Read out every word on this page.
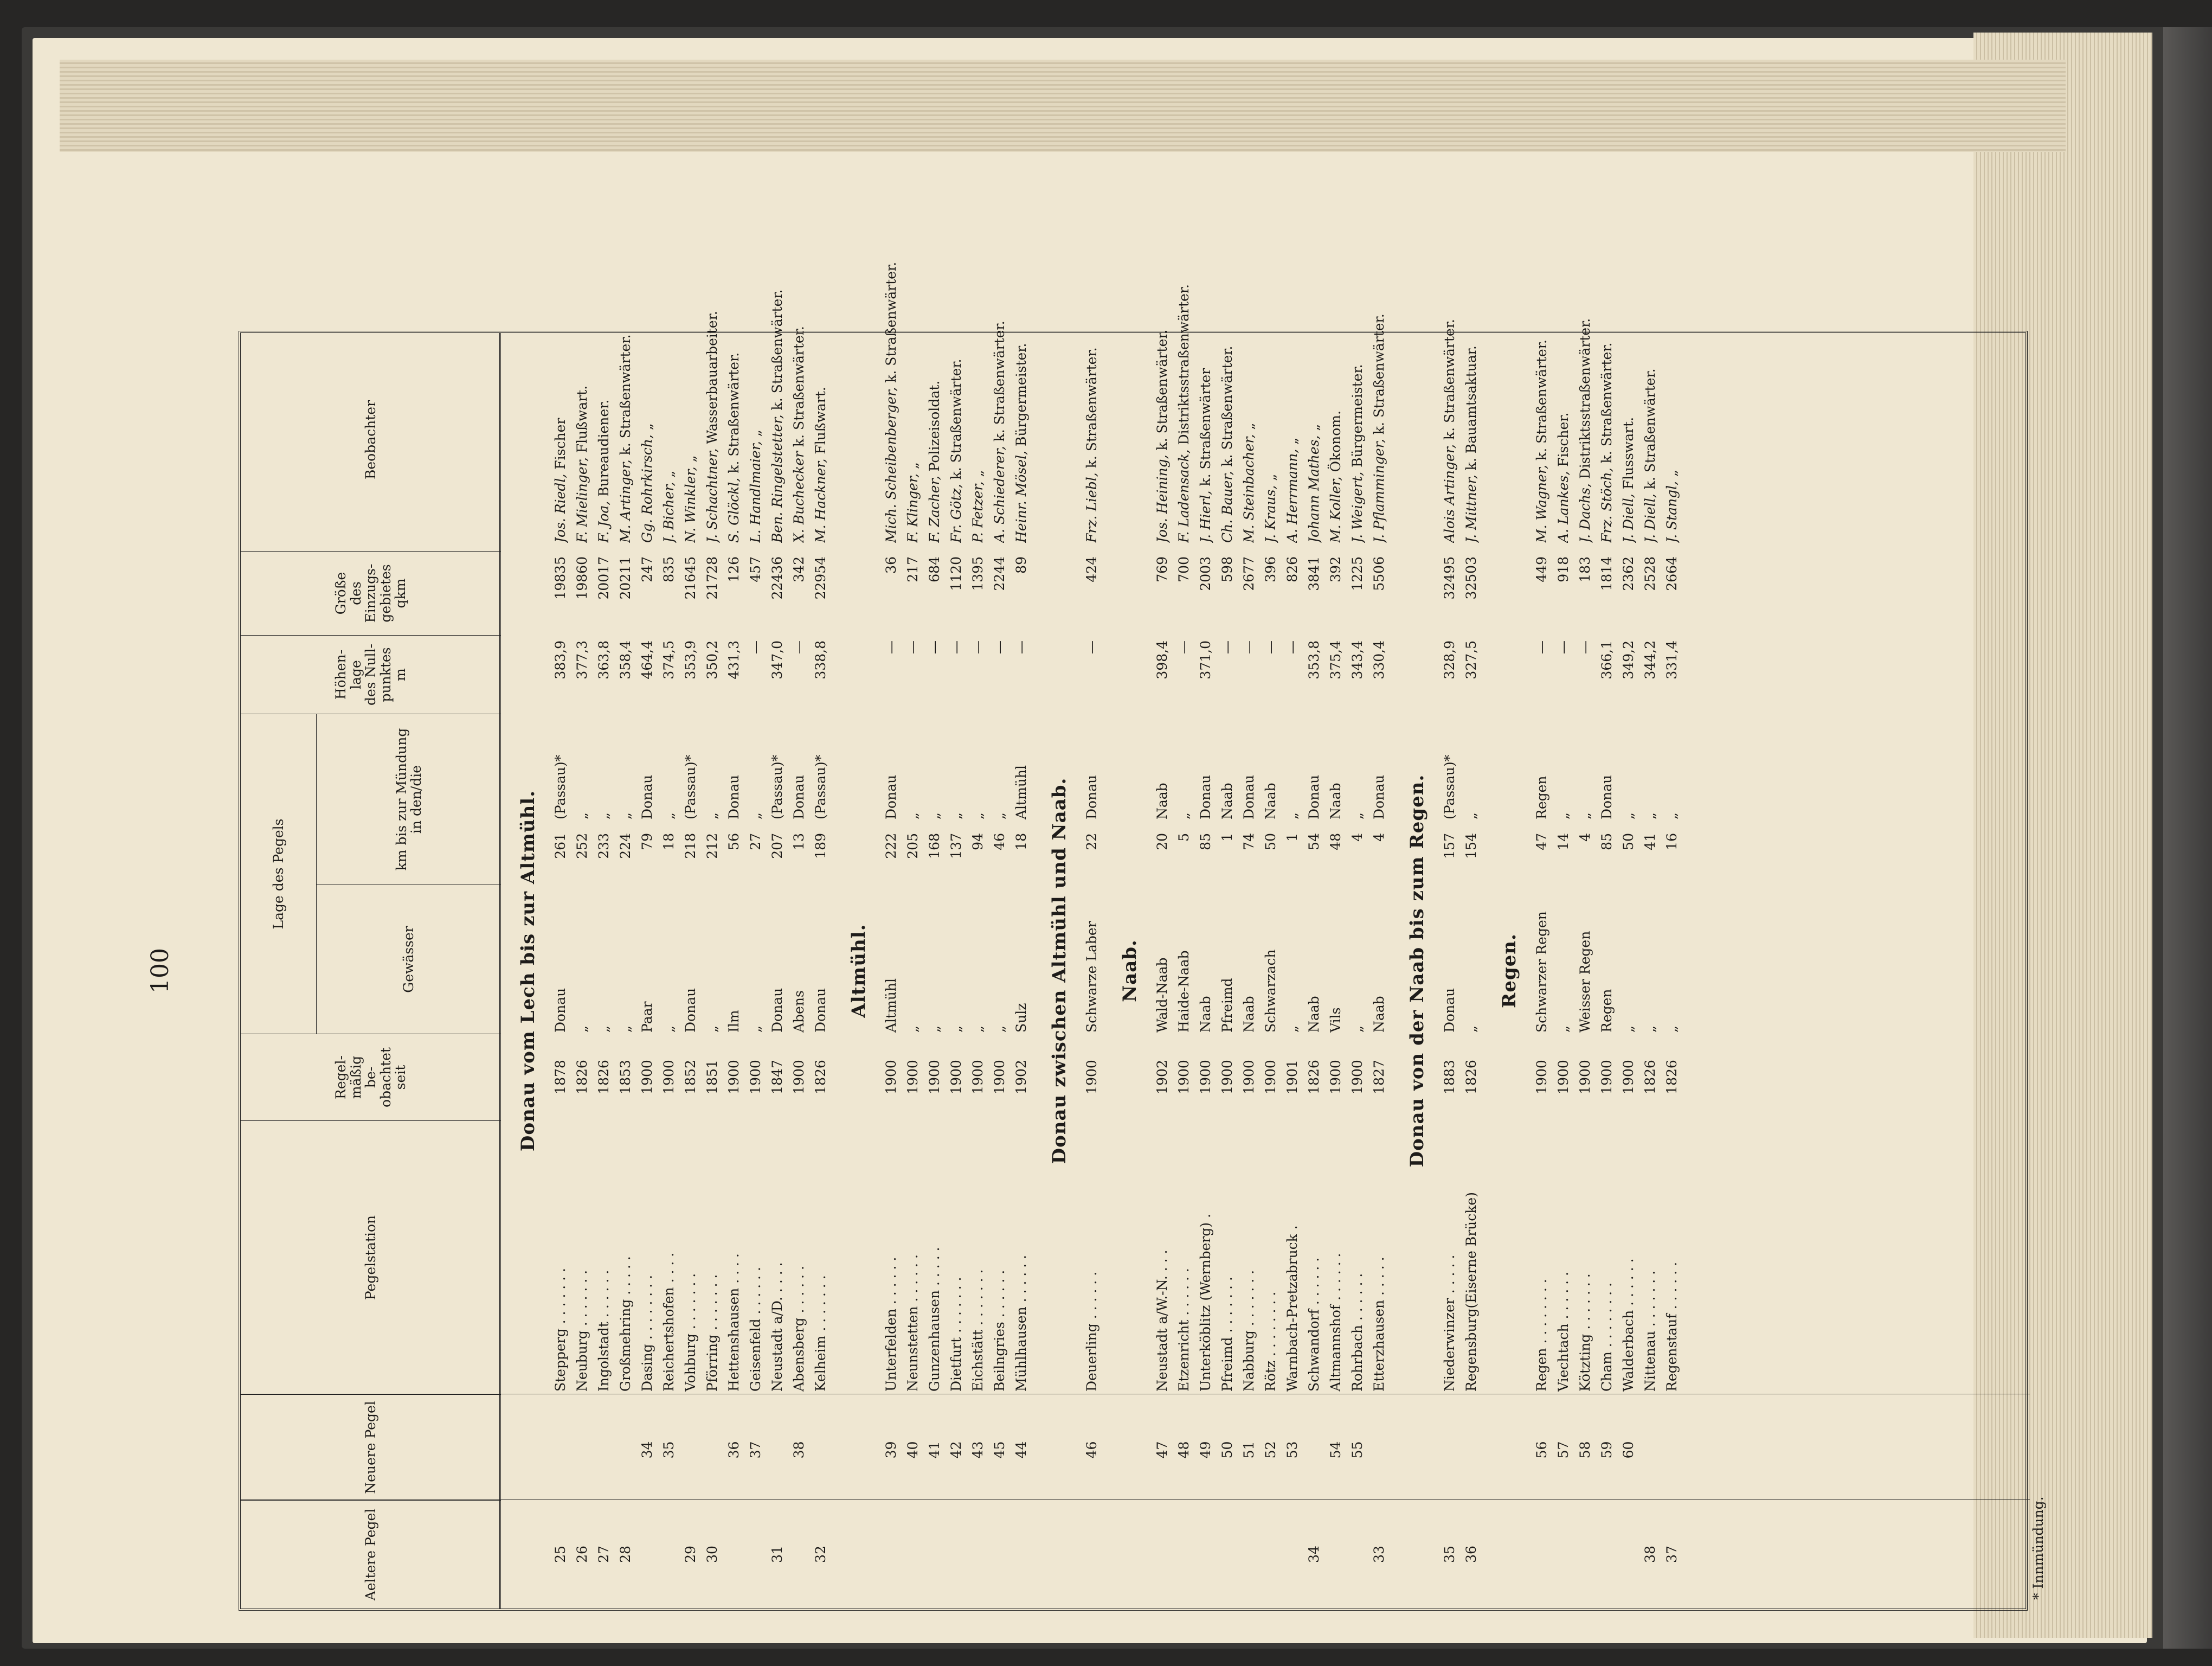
100
Aeltere Pegel
Neuere Pegel
Pegelstation
Regel-
mäßig
be-
obachtet
seit
Lage des Pegels
Gewässer
km bis zur Mündung
in den/die
Höhen-
lage
des Null-
punktes
m
Größe
des
Einzugs-
gebietes
qkm
Beobachter
Donau vom Lech bis zur Altmühl.
25
Stepperg . . . . . . .
1878
Donau
261
(Passau)*
383,9
19835
Jos. Riedl, Fischer
26
Neuburg . . . . . . .
1826
„
252
„
377,3
19860
F. Mielinger, Flußwart.
27
Ingolstadt . . . . . .
1826
„
233
„
363,8
20017
F. Joa, Bureaudiener.
28
Großmehring . . . . .
1853
„
224
„
358,4
20211
M. Artinger, k. Straßenwärter.
34
Dasing . . . . . . . .
1900
Paar
79
Donau
464,4
247
Gg. Rohrkirsch, „
35
Reichertshofen . . . .
1900
„
18
„
374,5
835
J. Bicher, „
29
Vohburg . . . . . . .
1852
Donau
218
(Passau)*
353,9
21645
N. Winkler, „
30
Pförring . . . . . . .
1851
„
212
„
350,2
21728
J. Schachtner, Wasserbauarbeiter.
36
Hettenshausen . . . .
1900
Ilm
56
Donau
431,3
126
S. Glöckl, k. Straßenwärter.
37
Geisenfeld . . . . . .
1900
„
27
„
—
457
L. Handlmaier, „
31
Neustadt a/D. . . . .
1847
Donau
207
(Passau)*
347,0
22436
Ben. Ringelstetter, k. Straßenwärter.
38
Abensberg . . . . . .
1900
Abens
13
Donau
—
342
X. Buchecker k. Straßenwärter.
32
Kelheim . . . . . . .
1826
Donau
189
(Passau)*
338,8
22954
M. Hackner, Flußwart.
Altmühl.
39
Unterfelden . . . . . .
1900
Altmühl
222
Donau
—
36
Mich. Scheibenberger, k. Straßenwärter.
40
Neunstetten . . . . . .
1900
„
205
„
—
217
F. Klinger, „
41
Gunzenhausen . . . . .
1900
„
168
„
—
684
F. Zacher, Polizeisoldat.
42
Dietfurt . . . . . . .
1900
„
137
„
—
1120
Fr. Götz, k. Straßenwärter.
43
Eichstätt . . . . . . .
1900
„
94
„
—
1395
P. Fetzer, „
45
Beilngries . . . . . .
1900
„
46
„
—
2244
A. Schiederer, k. Straßenwärter.
44
Mühlhausen . . . . . .
1902
Sulz
18
Altmühl
—
89
Heinr. Mösel, Bürgermeister.
Donau zwischen Altmühl und Naab.
46
Deuerling . . . . . .
1900
Schwarze Laber
22
Donau
—
424
Frz. Liebl, k. Straßenwärter.
Naab.
47
Neustadt a/W.-N. . . .
1902
Wald-Naab
20
Naab
398,4
769
Jos. Heining, k. Straßenwärter.
48
Etzenricht . . . . . .
1900
Haide-Naab
5
„
—
700
F. Ladensack, Distriktsstraßenwärter.
49
Unterköblitz (Wernberg) .
1900
Naab
85
Donau
371,0
2003
J. Hierl, k. Straßenwärter
50
Pfreimd . . . . . . .
1900
Pfreimd
1
Naab
—
598
Ch. Bauer, k. Straßenwärter.
51
Nabburg . . . . . . .
1900
Naab
74
Donau
—
2677
M. Steinbacher, „
52
Rötz . . . . . . . .
1900
Schwarzach
50
Naab
—
396
J. Kraus, „
53
Warnbach-Pretzabruck .
1901
„
1
„
—
826
A. Herrmann, „
34
Schwandorf . . . . . .
1826
Naab
54
Donau
353,8
3841
Johann Mathes, „
54
Altmannshof . . . . . .
1900
Vils
48
Naab
375,4
392
M. Koller, Ökonom.
55
Rohrbach . . . . . .
1900
„
4
„
343,4
1225
J. Weigert, Bürgermeister.
33
Etterzhausen . . . . .
1827
Naab
4
Donau
330,4
5506
J. Pflamminger, k. Straßenwärter.
Donau von der Naab bis zum Regen.
35
Niederwinzer . . . . .
1883
Donau
157
(Passau)*
328,9
32495
Alois Artinger, k. Straßenwärter.
36
Regensburg(Eiserne Brücke)
1826
„
154
„
327,5
32503
J. Mittner, k. Bauamtsaktuar.
Regen.
56
Regen . . . . . . . .
1900
Schwarzer Regen
47
Regen
—
449
M. Wagner, k. Straßenwärter.
57
Viechtach . . . . . .
1900
„
14
„
—
918
A. Lankes, Fischer.
58
Kötzting . . . . . . .
1900
Weisser Regen
4
„
—
183
J. Dachs, Distriktsstraßenwärter.
59
Cham . . . . . . . .
1900
Regen
85
Donau
366,1
1814
Frz. Stöch, k. Straßenwärter.
60
Walderbach . . . . . .
1900
„
50
„
349,2
2362
J. Diell, Flusswart.
38
Nittenau . . . . . . .
1826
„
41
„
344,2
2528
J. Diell, k. Straßenwärter.
37
Regenstauf . . . . . .
1826
„
16
„
331,4
2664
J. Stangl, „
* Innmündung.
